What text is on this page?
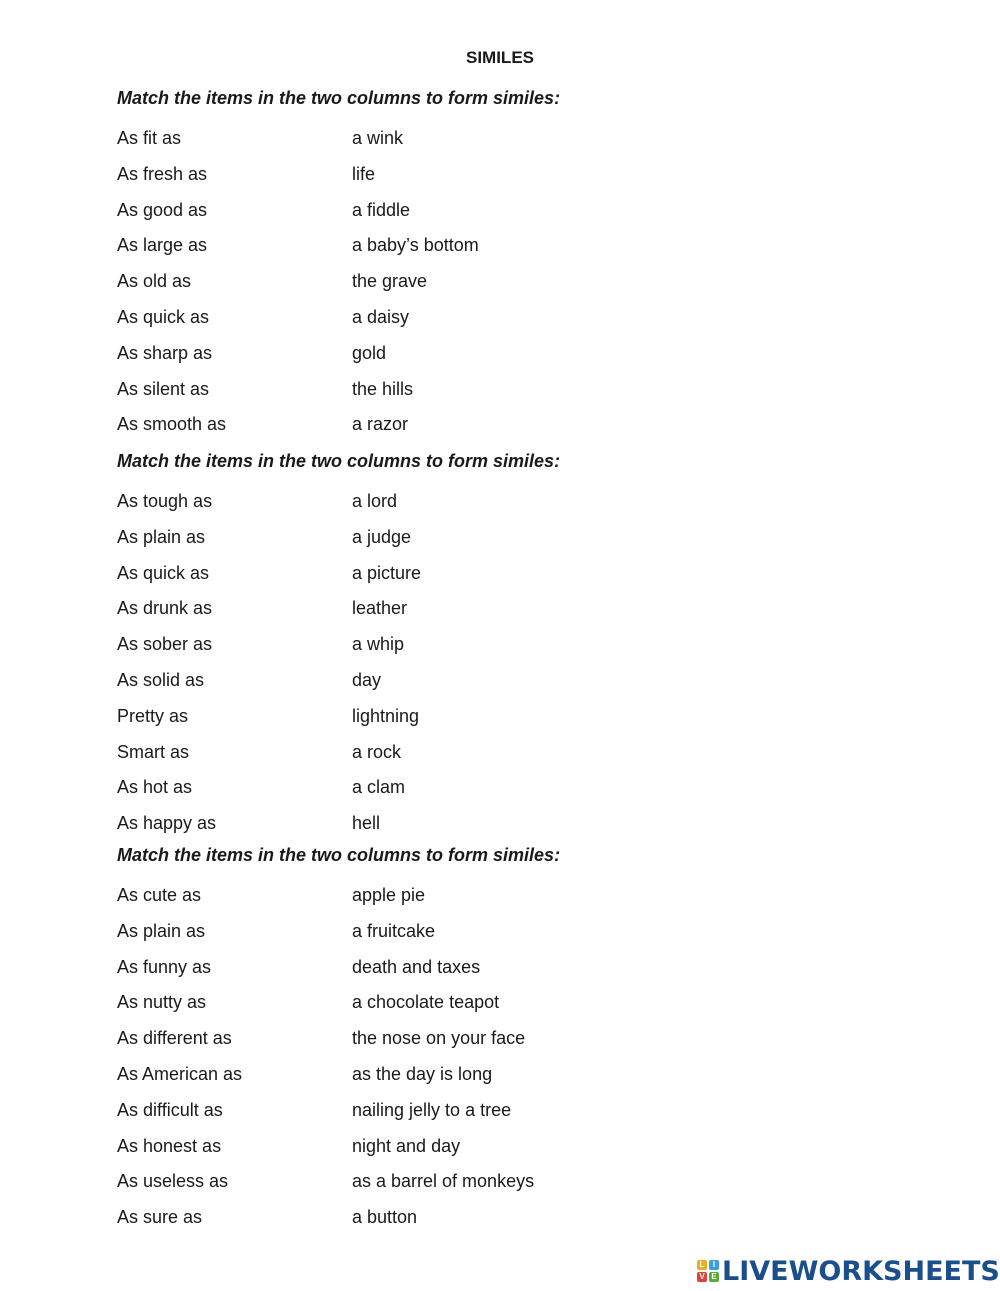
SIMILES
Match the items in the two columns to form similes:
As fit as	a wink
As fresh as	life
As good as	a fiddle
As large as	a baby’s bottom
As old as	the grave
As quick as	a daisy
As sharp as	gold
As silent as	the hills
As smooth as	a razor
Match the items in the two columns to form similes:
As tough as	a lord
As plain as	a judge
As quick as	a picture
As drunk as	leather
As sober as	a whip
As solid as	day
Pretty as	lightning
Smart as	a rock
As hot as	a clam
As happy as	hell
Match the items in the two columns to form similes:
As cute as	apple pie
As plain as	a fruitcake
As funny as	death and taxes
As nutty as	a chocolate teapot
As different as	the nose on your face
As American as	as the day is long
As difficult as	nailing jelly to a tree
As honest as	night and day
As useless as	as a barrel of monkeys
As sure as	a button
L	I
V E LIVEWORKSHEETS
